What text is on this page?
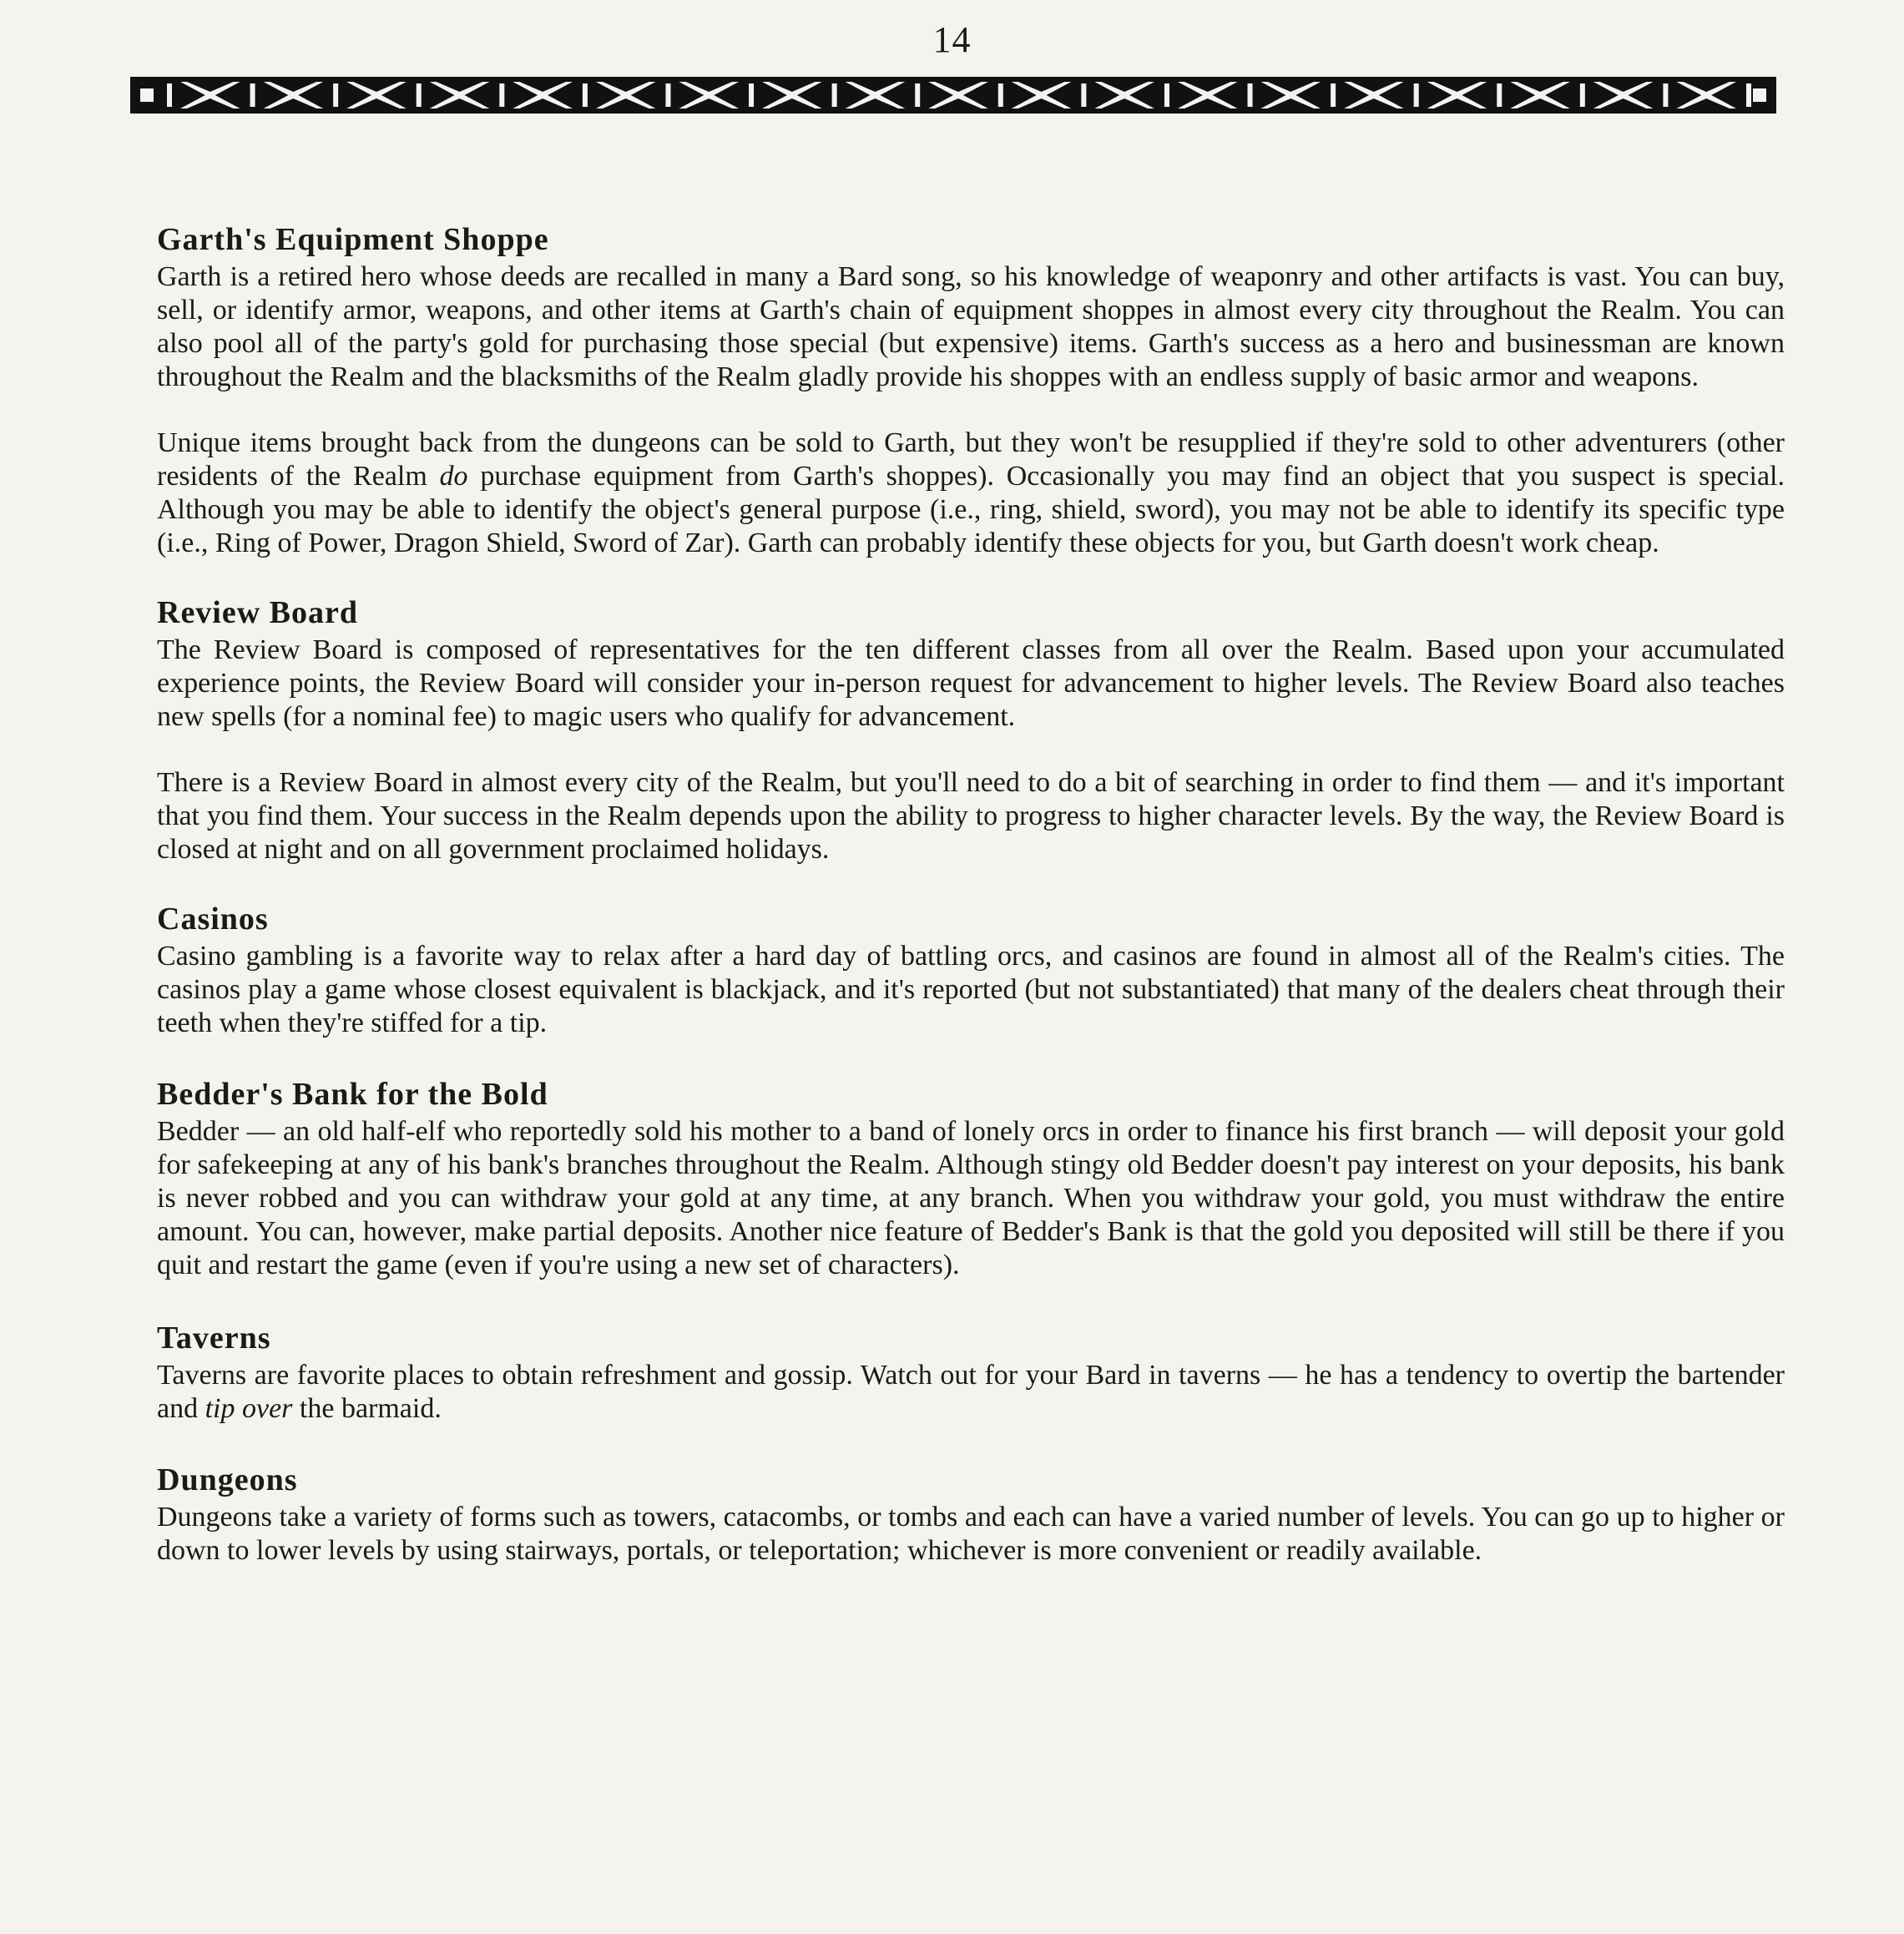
14
Garth's Equipment Shoppe

Garth is a retired hero whose deeds are recalled in many a Bard song, so his knowledge of weaponry and other artifacts is vast. You can buy, sell, or identify armor, weapons, and other items at Garth's chain of equipment shoppes in almost every city throughout the Realm. You can also pool all of the party's gold for purchasing those special (but expensive) items. Garth's success as a hero and businessman are known throughout the Realm and the blacksmiths of the Realm gladly provide his shoppes with an endless supply of basic armor and weapons.

Unique items brought back from the dungeons can be sold to Garth, but they won't be resupplied if they're sold to other adventurers (other residents of the Realm do purchase equipment from Garth's shoppes). Occasionally you may find an object that you suspect is special. Although you may be able to identify the object's general purpose (i.e., ring, shield, sword), you may not be able to identify its specific type (i.e., Ring of Power, Dragon Shield, Sword of Zar). Garth can probably identify these objects for you, but Garth doesn't work cheap.

Review Board

The Review Board is composed of representatives for the ten different classes from all over the Realm. Based upon your accumulated experience points, the Review Board will consider your in-person request for advancement to higher levels. The Review Board also teaches new spells (for a nominal fee) to magic users who qualify for advancement.

There is a Review Board in almost every city of the Realm, but you'll need to do a bit of searching in order to find them — and it's important that you find them. Your success in the Realm depends upon the ability to progress to higher character levels. By the way, the Review Board is closed at night and on all government proclaimed holidays.

Casinos

Casino gambling is a favorite way to relax after a hard day of battling orcs, and casinos are found in almost all of the Realm's cities. The casinos play a game whose closest equivalent is blackjack, and it's reported (but not substantiated) that many of the dealers cheat through their teeth when they're stiffed for a tip.

Bedder's Bank for the Bold

Bedder — an old half-elf who reportedly sold his mother to a band of lonely orcs in order to finance his first branch — will deposit your gold for safekeeping at any of his bank's branches throughout the Realm. Although stingy old Bedder doesn't pay interest on your deposits, his bank is never robbed and you can withdraw your gold at any time, at any branch. When you withdraw your gold, you must withdraw the entire amount. You can, however, make partial deposits. Another nice feature of Bedder's Bank is that the gold you deposited will still be there if you quit and restart the game (even if you're using a new set of characters).

Taverns

Taverns are favorite places to obtain refreshment and gossip. Watch out for your Bard in taverns — he has a tendency to overtip the bartender and tip over the barmaid.

Dungeons

Dungeons take a variety of forms such as towers, catacombs, or tombs and each can have a varied number of levels. You can go up to higher or down to lower levels by using stairways, portals, or teleportation; whichever is more convenient or readily available.
